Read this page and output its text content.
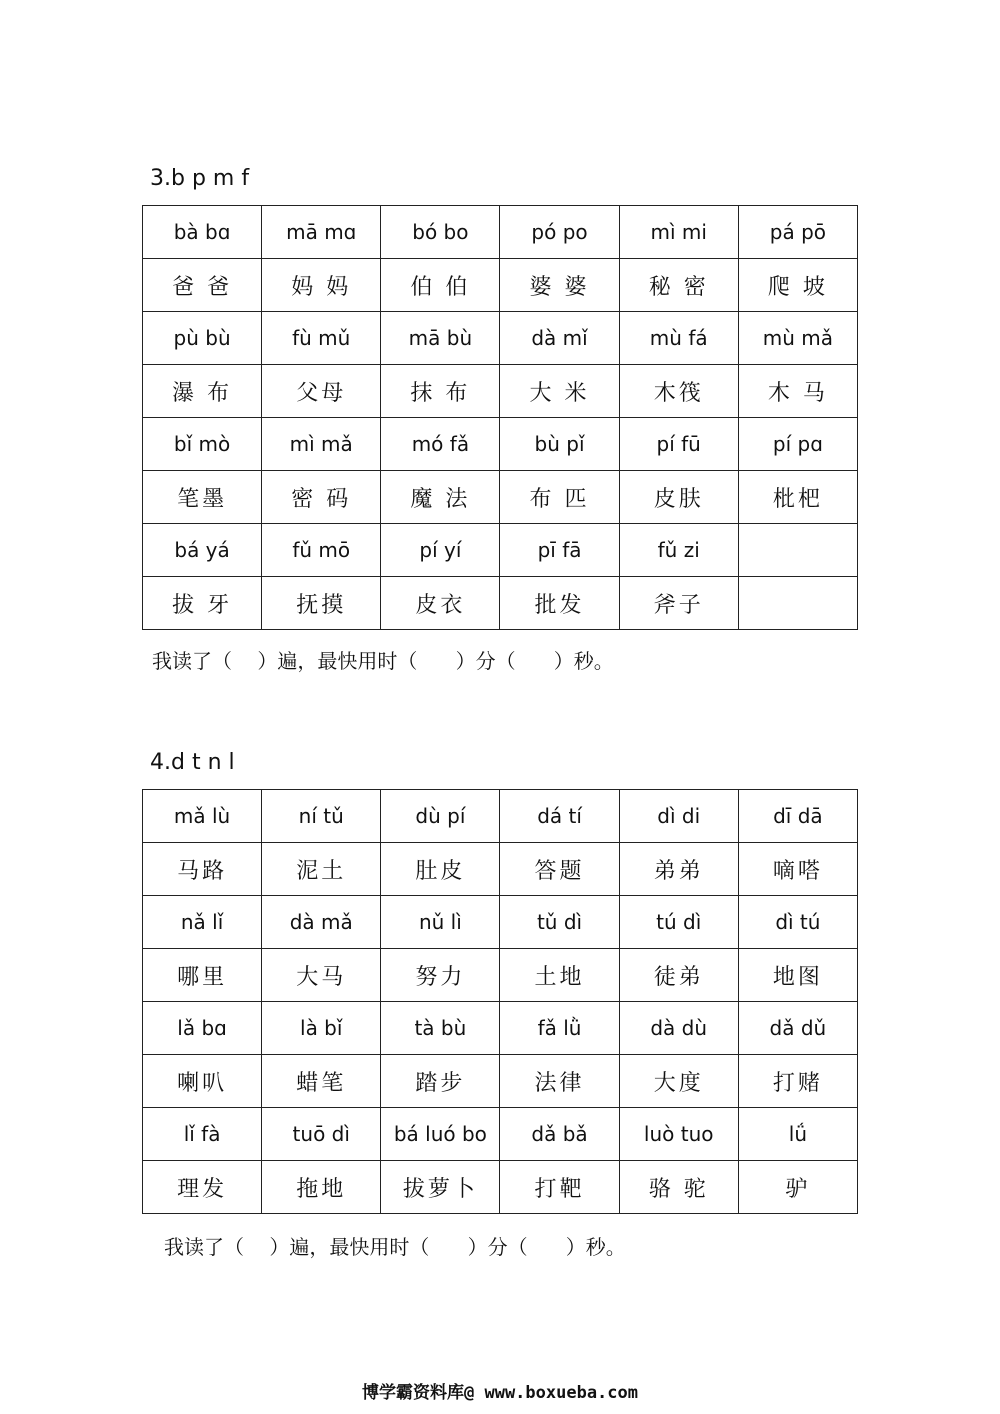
3.b p m f
bà bɑ	mā mɑ	bó bo	pó po	mì mi	pá pō
爸 爸	妈 妈	伯 伯	婆 婆	秘 密	爬 坡
pù bù	fù mǔ	mā bù	dà mǐ	mù fá	mù mǎ
瀑 布	父母	抹 布	大 米	木筏	木 马
bǐ mò	mì mǎ	mó fǎ	bù pǐ	pí fū	pí pɑ
笔墨	密 码	魔 法	布 匹	皮肤	枇杷
bá yá	fǔ mō	pí yí	pī fā	fǔ zi	
拔 牙	抚摸	皮衣	批发	斧子	
我读了（    ）遍，最快用时（      ）分（      ）秒。
4.d t n l
mǎ lù	ní tǔ	dù pí	dá tí	dì di	dī dā
马路	泥土	肚皮	答题	弟弟	嘀嗒
nǎ lǐ	dà mǎ	nǔ lì	tǔ dì	tú dì	dì tú
哪里	大马	努力	土地	徒弟	地图
lǎ bɑ	là bǐ	tà bù	fǎ lǜ	dà dù	dǎ dǔ
喇叭	蜡笔	踏步	法律	大度	打赌
lǐ fà	tuō dì	bá luó bo	dǎ bǎ	luò tuo	lǘ
理发	拖地	拔萝卜	打靶	骆 驼	驴
我读了（    ）遍，最快用时（      ）分（      ）秒。
博学霸资料库@ www.boxueba.com
